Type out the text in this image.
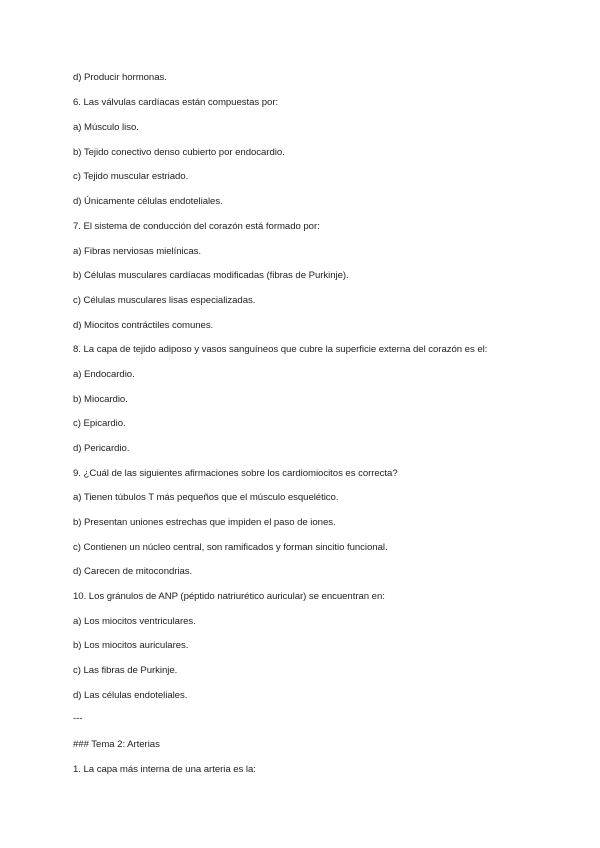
d) Producir hormonas.
6. Las válvulas cardíacas están compuestas por:
a) Músculo liso.
b) Tejido conectivo denso cubierto por endocardio.
c) Tejido muscular estriado.
d) Únicamente células endoteliales.
7. El sistema de conducción del corazón está formado por:
a) Fibras nerviosas mielínicas.
b) Células musculares cardíacas modificadas (fibras de Purkinje).
c) Células musculares lisas especializadas.
d) Miocitos contráctiles comunes.
8. La capa de tejido adiposo y vasos sanguíneos que cubre la superficie externa del corazón es el:
a) Endocardio.
b) Miocardio.
c) Epicardio.
d) Pericardio.
9. ¿Cuál de las siguientes afirmaciones sobre los cardiomiocitos es correcta?
a) Tienen túbulos T más pequeños que el músculo esquelético.
b) Presentan uniones estrechas que impiden el paso de iones.
c) Contienen un núcleo central, son ramificados y forman sincitio funcional.
d) Carecen de mitocondrias.
10. Los gránulos de ANP (péptido natriurético auricular) se encuentran en:
a) Los miocitos ventriculares.
b) Los miocitos auriculares.
c) Las fibras de Purkinje.
d) Las células endoteliales.
---
### Tema 2: Arterias
1. La capa más interna de una arteria es la:
